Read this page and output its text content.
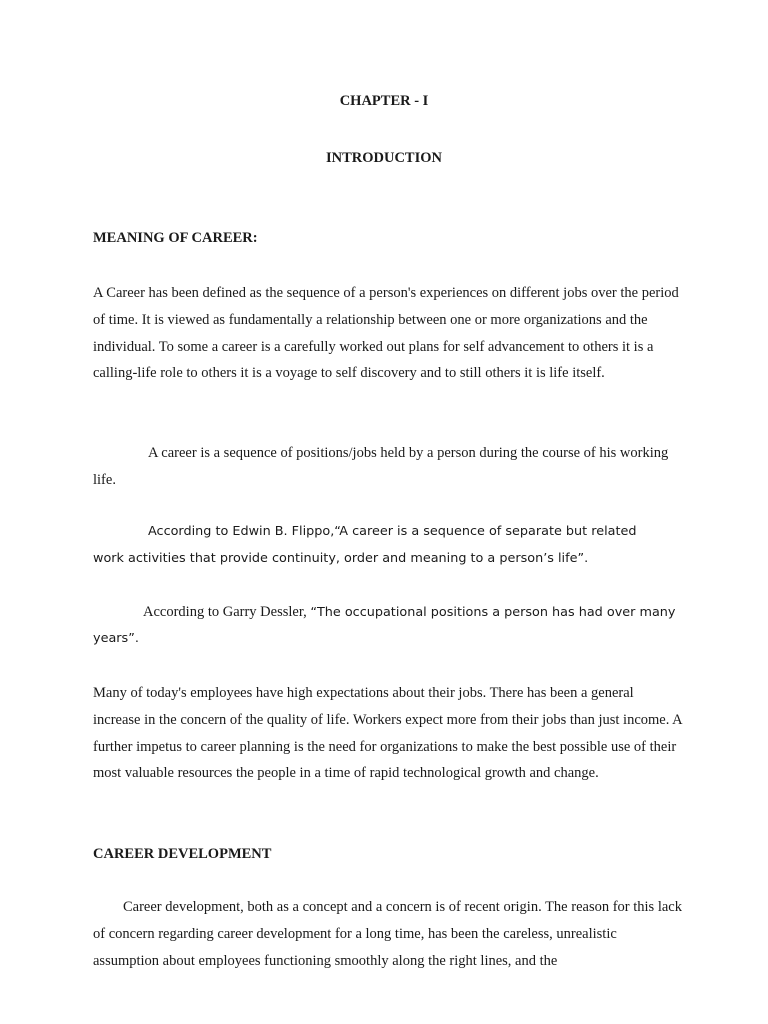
CHAPTER - I

INTRODUCTION

MEANING OF CAREER:

A Career has been defined as the sequence of a person's experiences on different jobs over the period of time. It is viewed as fundamentally a relationship between one or more organizations and the individual. To some a career is a carefully worked out plans for self advancement to others it is a calling-life role to others it is a voyage to self discovery and to still others it is life itself.

A career is a sequence of positions/jobs held by a person during the course of his working life.

According to Edwin B. Flippo,“A career is a sequence of separate but related

work activities that provide continuity, order and meaning to a person’s life”.

According to Garry Dessler, “The occupational positions a person has had over many

years”.

Many of today's employees have high expectations about their jobs. There has been a general increase in the concern of the quality of life. Workers expect more from their jobs than just income. A further impetus to career planning is the need for organizations to make the best possible use of their most valuable resources the people in a time of rapid technological growth and change.

CAREER DEVELOPMENT

Career development, both as a concept and a concern is of recent origin. The reason for this lack of concern regarding career development for a long time, has been the careless, unrealistic assumption about employees functioning smoothly along the right lines, and the
